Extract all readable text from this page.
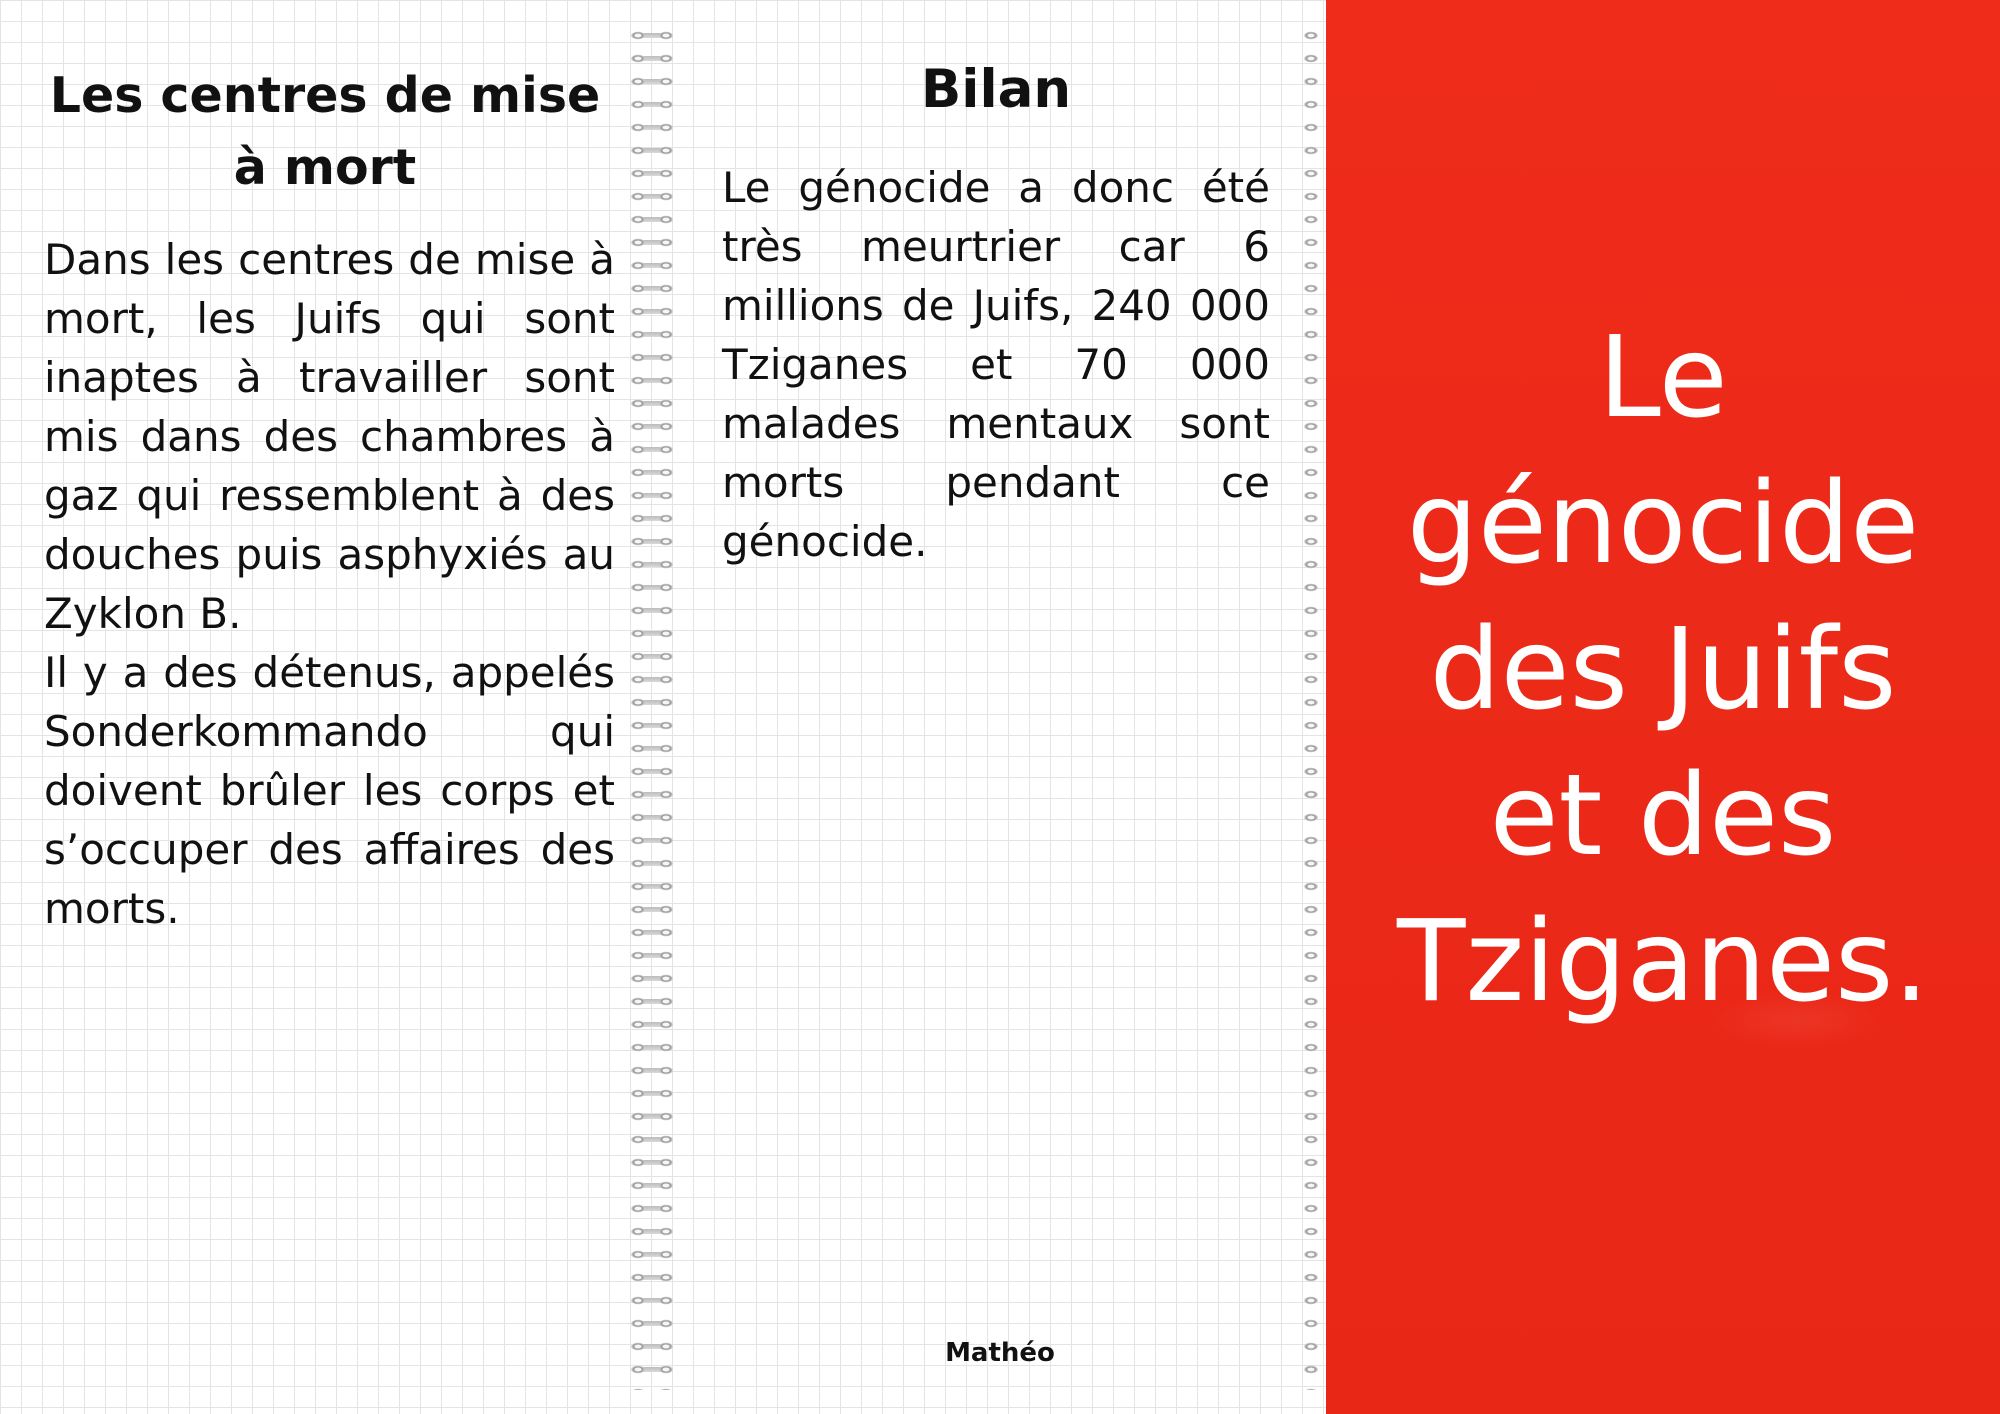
Les centres de mise à mort

Dans les centres de mise à mort, les Juifs qui sont inaptes à travailler sont mis dans des chambres à gaz qui ressemblent à des douches puis asphyxiés au Zyklon B.

Il y a des détenus, appelés Sonderkommando qui doivent brûler les corps et s’occuper des affaires des morts.

Bilan

Le génocide a donc été très meurtrier car 6 millions de Juifs, 240 000 Tziganes et 70 000 malades mentaux sont morts pendant ce génocide.

Mathéo
Le
génocide
des Juifs
et des
Tziganes.
